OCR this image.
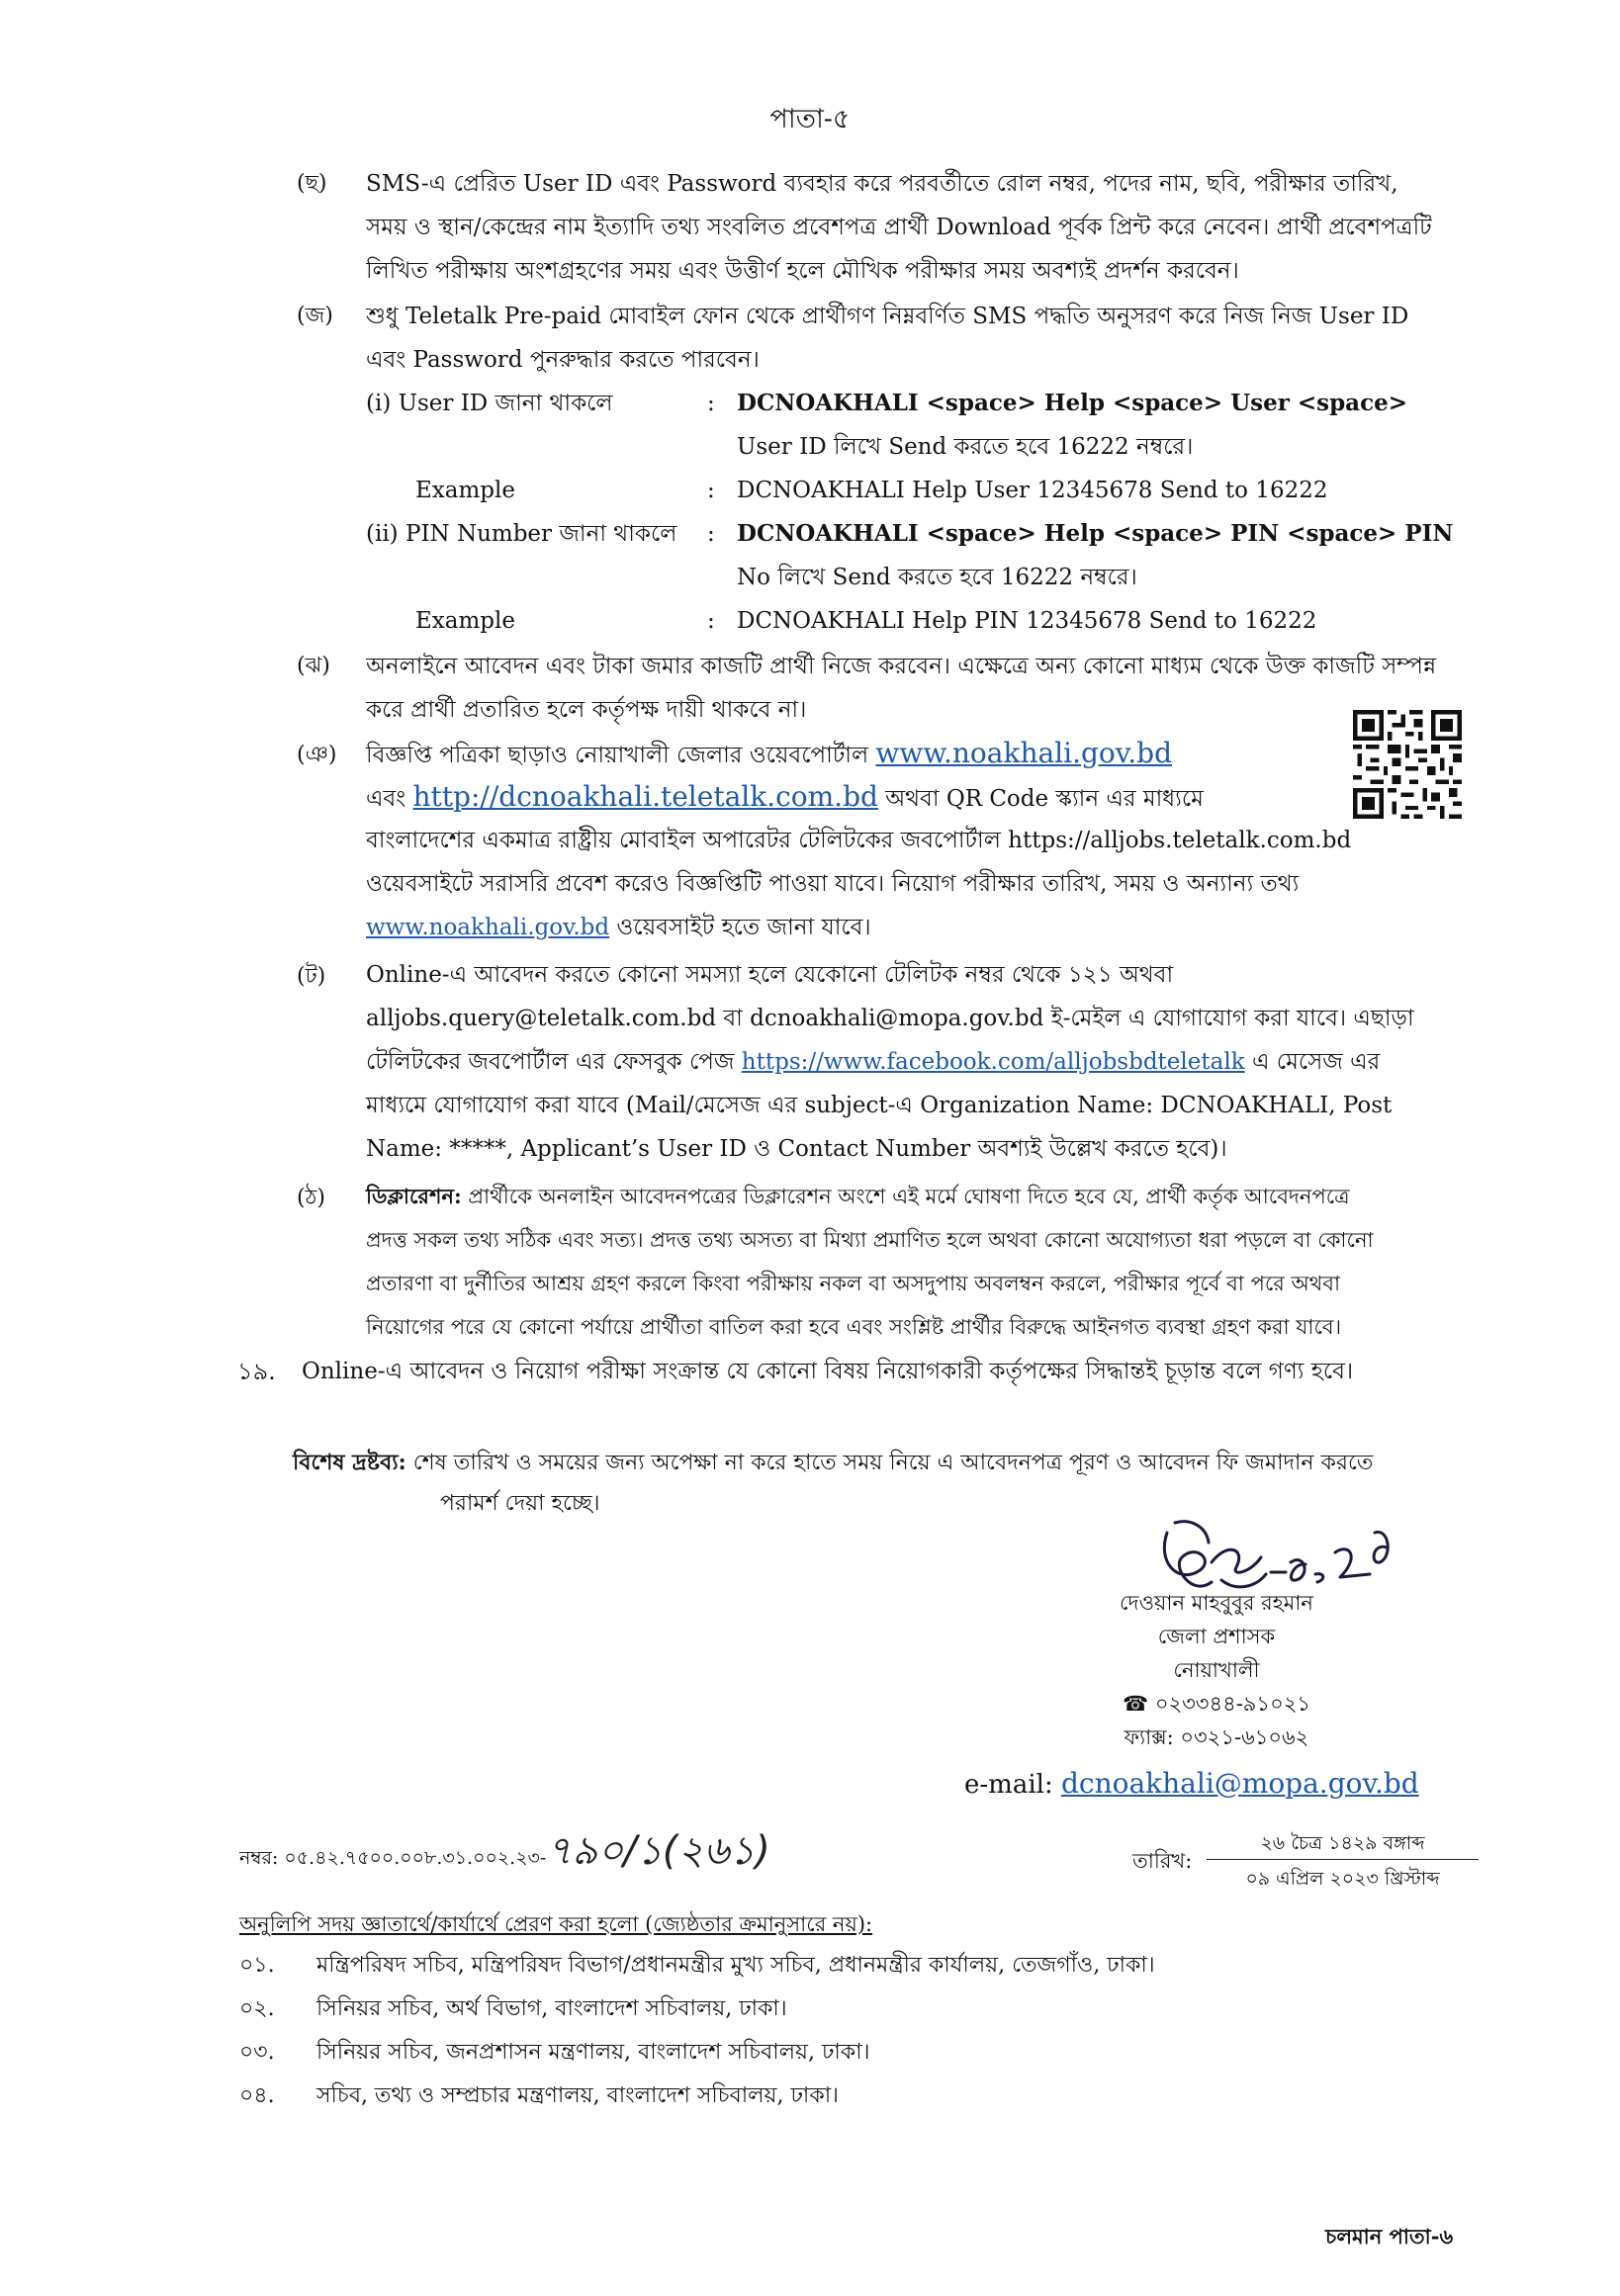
পাতা-৫
(ছ)	SMS-এ প্রেরিত User ID এবং Password ব্যবহার করে পরবর্তীতে রোল নম্বর, পদের নাম, ছবি, পরীক্ষার তারিখ,

সময় ও স্থান/কেন্দ্রের নাম ইত্যাদি তথ্য সংবলিত প্রবেশপত্র প্রার্থী Download পূর্বক প্রিন্ট করে নেবেন। প্রার্থী প্রবেশপত্রটি

লিখিত পরীক্ষায় অংশগ্রহণের সময় এবং উত্তীর্ণ হলে মৌখিক পরীক্ষার সময় অবশ্যই প্রদর্শন করবেন।

(জ)	শুধু Teletalk Pre-paid মোবাইল ফোন থেকে প্রার্থীগণ নিম্নবর্ণিত SMS পদ্ধতি অনুসরণ করে নিজ নিজ User ID

এবং Password পুনরুদ্ধার করতে পারবেন।

(i) User ID জানা থাকলে	: DCNOAKHALI <space> Help <space> User <space>
User ID লিখে Send করতে হবে 16222 নম্বরে।
Example	: DCNOAKHALI Help User 12345678 Send to 16222
(ii) PIN Number জানা থাকলে : DCNOAKHALI <space> Help <space> PIN <space> PIN
No লিখে Send করতে হবে 16222 নম্বরে।
Example	: DCNOAKHALI Help PIN 12345678 Send to 16222
(ঝ)	অনলাইনে আবেদন এবং টাকা জমার কাজটি প্রার্থী নিজে করবেন। এক্ষেত্রে অন্য কোনো মাধ্যম থেকে উক্ত কাজটি সম্পন্ন

করে প্রার্থী প্রতারিত হলে কর্তৃপক্ষ দায়ী থাকবে না।

(ঞ)	বিজ্ঞপ্তি পত্রিকা ছাড়াও নোয়াখালী জেলার ওয়েবপোর্টাল www.noakhali.gov.bd
এবং http://dcnoakhali.teletalk.com.bd অথবা QR Code স্ক্যান এর মাধ্যমে
বাংলাদেশের একমাত্র রাষ্ট্রীয় মোবাইল অপারেটর টেলিটকের জবপোর্টাল https://alljobs.teletalk.com.bd
ওয়েবসাইটে সরাসরি প্রবেশ করেও বিজ্ঞপ্তিটি পাওয়া যাবে। নিয়োগ পরীক্ষার তারিখ, সময় ও অন্যান্য তথ্য
www.noakhali.gov.bd ওয়েবসাইট হতে জানা যাবে।
(ট)	Online-এ আবেদন করতে কোনো সমস্যা হলে যেকোনো টেলিটক নম্বর থেকে ১২১ অথবা
alljobs.query@teletalk.com.bd বা dcnoakhali@mopa.gov.bd ই-মেইল এ যোগাযোগ করা যাবে। এছাড়া
টেলিটকের জবপোর্টাল এর ফেসবুক পেজ https://www.facebook.com/alljobsbdteletalk এ মেসেজ এর
মাধ্যমে যোগাযোগ করা যাবে (Mail/মেসেজ এর subject-এ Organization Name: DCNOAKHALI, Post
Name: *****, Applicant’s User ID ও Contact Number অবশ্যই উল্লেখ করতে হবে)।
(ঠ)	ডিক্লারেশন: প্রার্থীকে অনলাইন আবেদনপত্রের ডিক্লারেশন অংশে এই মর্মে ঘোষণা দিতে হবে যে, প্রার্থী কর্তৃক আবেদনপত্রে
প্রদত্ত সকল তথ্য সঠিক এবং সত্য। প্রদত্ত তথ্য অসত্য বা মিথ্যা প্রমাণিত হলে অথবা কোনো অযোগ্যতা ধরা পড়লে বা কোনো
প্রতারণা বা দুর্নীতির আশ্রয় গ্রহণ করলে কিংবা পরীক্ষায় নকল বা অসদুপায় অবলম্বন করলে, পরীক্ষার পূর্বে বা পরে অথবা
নিয়োগের পরে যে কোনো পর্যায়ে প্রার্থীতা বাতিল করা হবে এবং সংশ্লিষ্ট প্রার্থীর বিরুদ্ধে আইনগত ব্যবস্থা গ্রহণ করা যাবে।
১৯. Online-এ আবেদন ও নিয়োগ পরীক্ষা সংক্রান্ত যে কোনো বিষয় নিয়োগকারী কর্তৃপক্ষের সিদ্ধান্তই চূড়ান্ত বলে গণ্য হবে।
বিশেষ দ্রষ্টব্য: শেষ তারিখ ও সময়ের জন্য অপেক্ষা না করে হাতে সময় নিয়ে এ আবেদনপত্র পূরণ ও আবেদন ফি জমাদান করতে
পরামর্শ দেয়া হচ্ছে।
দেওয়ান মাহবুবুর রহমান
জেলা প্রশাসক
নোয়াখালী
☎ ০২৩৩৪৪-৯১০২১
ফ্যাক্স: ০৩২১-৬১০৬২
e-mail: dcnoakhali@mopa.gov.bd
নম্বর: ০৫.৪২.৭৫০০.০০৮.৩১.০০২.২৩-৭৯০/১(২৬১)	তারিখ:
২৬ চৈত্র ১৪২৯ বঙ্গাব্দ
০৯ এপ্রিল ২০২৩ খ্রিস্টাব্দ
অনুলিপি সদয় জ্ঞাতার্থে/কার্যার্থে প্রেরণ করা হলো (জ্যেষ্ঠতার ক্রমানুসারে নয়):
০১. মন্ত্রিপরিষদ সচিব, মন্ত্রিপরিষদ বিভাগ/প্রধানমন্ত্রীর মুখ্য সচিব, প্রধানমন্ত্রীর কার্যালয়, তেজগাঁও, ঢাকা।
০২. সিনিয়র সচিব, অর্থ বিভাগ, বাংলাদেশ সচিবালয়, ঢাকা।
০৩. সিনিয়র সচিব, জনপ্রশাসন মন্ত্রণালয়, বাংলাদেশ সচিবালয়, ঢাকা।
০৪. সচিব, তথ্য ও সম্প্রচার মন্ত্রণালয়, বাংলাদেশ সচিবালয়, ঢাকা।
চলমান পাতা-৬
